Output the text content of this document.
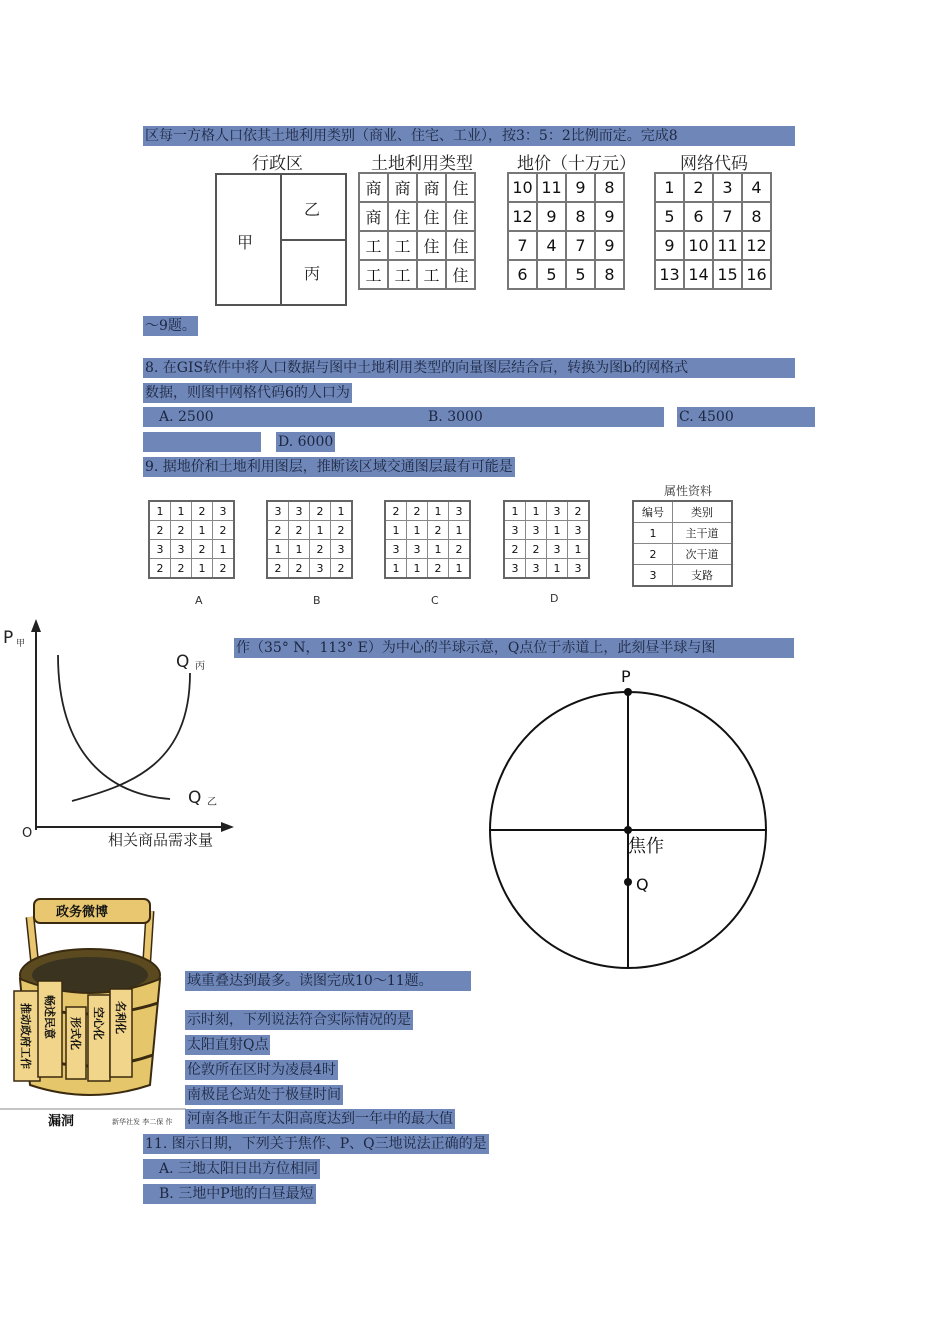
区每一方格人口依其土地利用类别（商业、住宅、工业），按3：5：2比例而定。完成8
行政区	土地利用类型	地价（十万元）	网络代码
甲
乙
丙
商	商	商	住
商	住	住	住
工	工	住	住
工	工	工	住
10	11	9	8
12	9	8	9
7	4	7	9
6	5	5	8
1	2	3	4
5	6	7	8
9	10	11	12
13	14	15	16
～9题。
8. 在GIS软件中将人口数据与图中土地利用类型的向量图层结合后，转换为图b的网格式
数据，则图中网格代码6的人口为
A. 2500	B. 3000	C. 4500
D. 6000
9. 据地价和土地利用图层，推断该区域交通图层最有可能是
1	1	2	3
2	2	1	2
3	3	2	1
2	2	1	2
A
3	3	2	1
2	2	1	2
1	1	2	3
2	2	3	2
B
2	2	1	3
1	1	2	1
3	3	1	2
1	1	2	1
C
1	1	3	2
3	3	1	3
2	2	3	1
3	3	1	3
D
属性资料
编号	类别
1	主干道
2	次干道
3	支路
P 甲
Q 丙
Q 乙
O	相关商品需求量
作（35° N，113° E）为中心的半球示意，Q点位于赤道上，此刻昼半球与图
P
焦作
Q
政务微博
推动政府工作 畅述民意 形式化 空心化 名利化
漏洞	新华社发 李二保 作
域重叠达到最多。读图完成10～11题。
示时刻，下列说法符合实际情况的是
太阳直射Q点
伦敦所在区时为凌晨4时
南极昆仑站处于极昼时间
河南各地正午太阳高度达到一年中的最大值
11. 图示日期，下列关于焦作、P、Q三地说法正确的是
A. 三地太阳日出方位相同
B. 三地中P地的白昼最短
